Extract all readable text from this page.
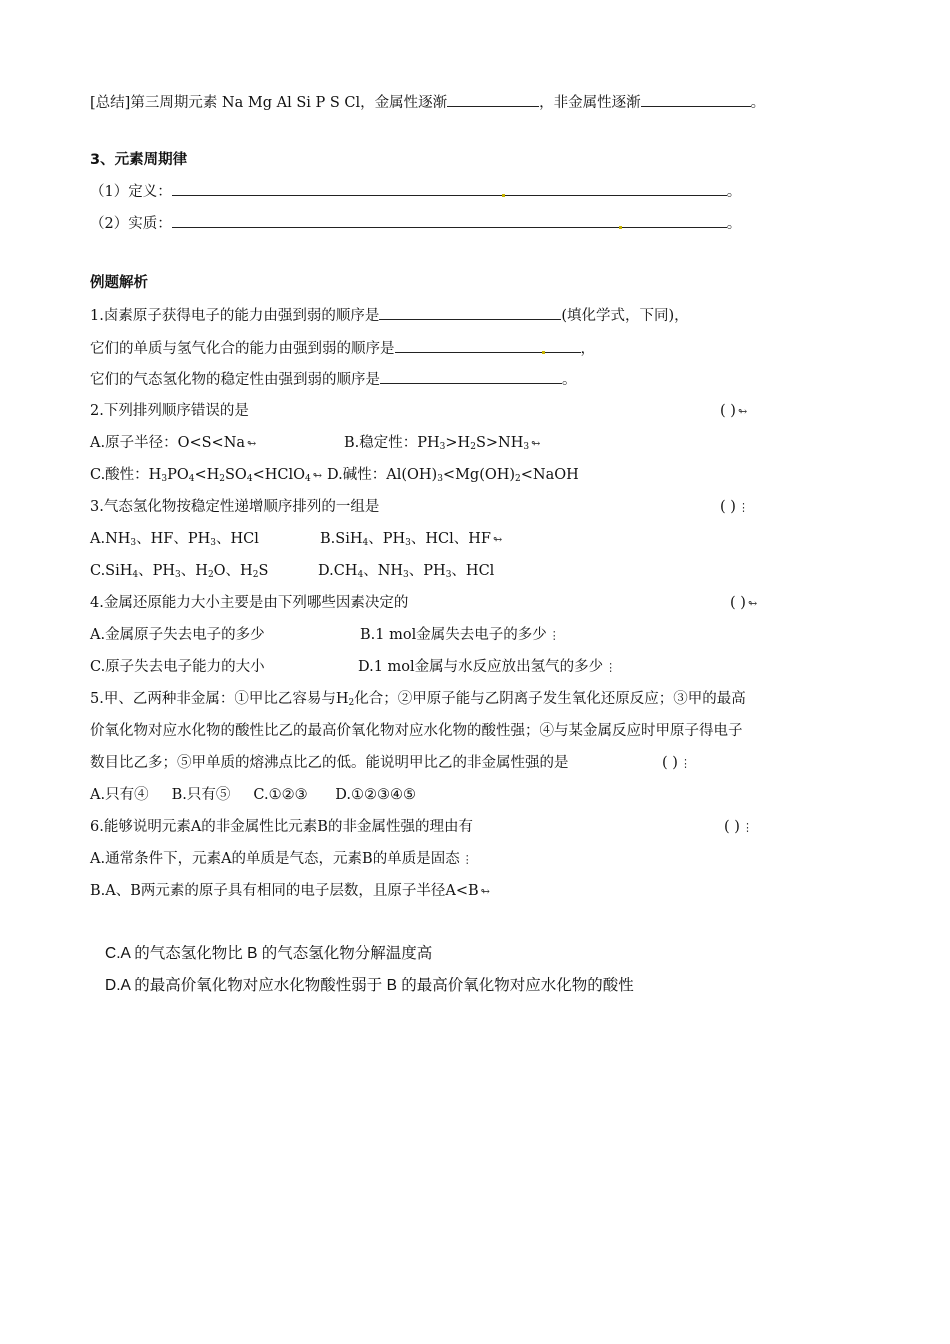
[总结]第三周期元素 Na Mg Al Si P S Cl，金属性逐渐	，非金属性逐渐	。
3、元素周期律
（1）定义：	。
（2）实质：	。
例题解析
1.卤素原子获得电子的能力由强到弱的顺序是	(填化学式，下同)，
它们的单质与氢气化合的能力由强到弱的顺序是	，
它们的气态氢化物的稳定性由强到弱的顺序是	。
2.下列排列顺序错误的是	( ) ↬
A.原子半径：O<S<Na ↬	B.稳定性：$PH_3>H_2S>NH_3$ ↬
C.酸性：$H_3PO_4<H_2SO_4<HClO_4$ ↬ D.碱性：$Al(OH)_3<Mg(OH)_2<NaOH$
3.气态氢化物按稳定性递增顺序排列的一组是	( ) ⋮
$A.NH_3$、HF、$PH_3$、HCl	B.SiH$_4$、$PH_3$、HCl、HF ↬
C.SiH$_4$、$PH_3$、$H_2O$、$H_2S$	$D.CH_4$、$NH_3$、$PH_3$、HCl
4.金属还原能力大小主要是由下列哪些因素决定的	( ) ↬
A.金属原子失去电子的多少	B.1 mol金属失去电子的多少 ⋮
C.原子失去电子能力的大小	D.1 mol金属与水反应放出氢气的多少 ⋮
5.甲、乙两种非金属：①甲比乙容易与$H_2$化合；②甲原子能与乙阴离子发生氧化还原反应；③甲的最高
价氧化物对应水化物的酸性比乙的最高价氧化物对应水化物的酸性强；④与某金属反应时甲原子得电子
数目比乙多；⑤甲单质的熔沸点比乙的低。能说明甲比乙的非金属性强的是	( ) ⋮
A.只有④     B.只有⑤     C.①②③      D.①②③④⑤
6.能够说明元素A的非金属性比元素B的非金属性强的理由有	( ) ⋮
A.通常条件下，元素A的单质是气态，元素B的单质是固态 ⋮
B.A、B两元素的原子具有相同的电子层数，且原子半径A<B ↬
C.A 的气态氢化物比 B 的气态氢化物分解温度高
D.A 的最高价氧化物对应水化物酸性弱于 B 的最高价氧化物对应水化物的酸性
